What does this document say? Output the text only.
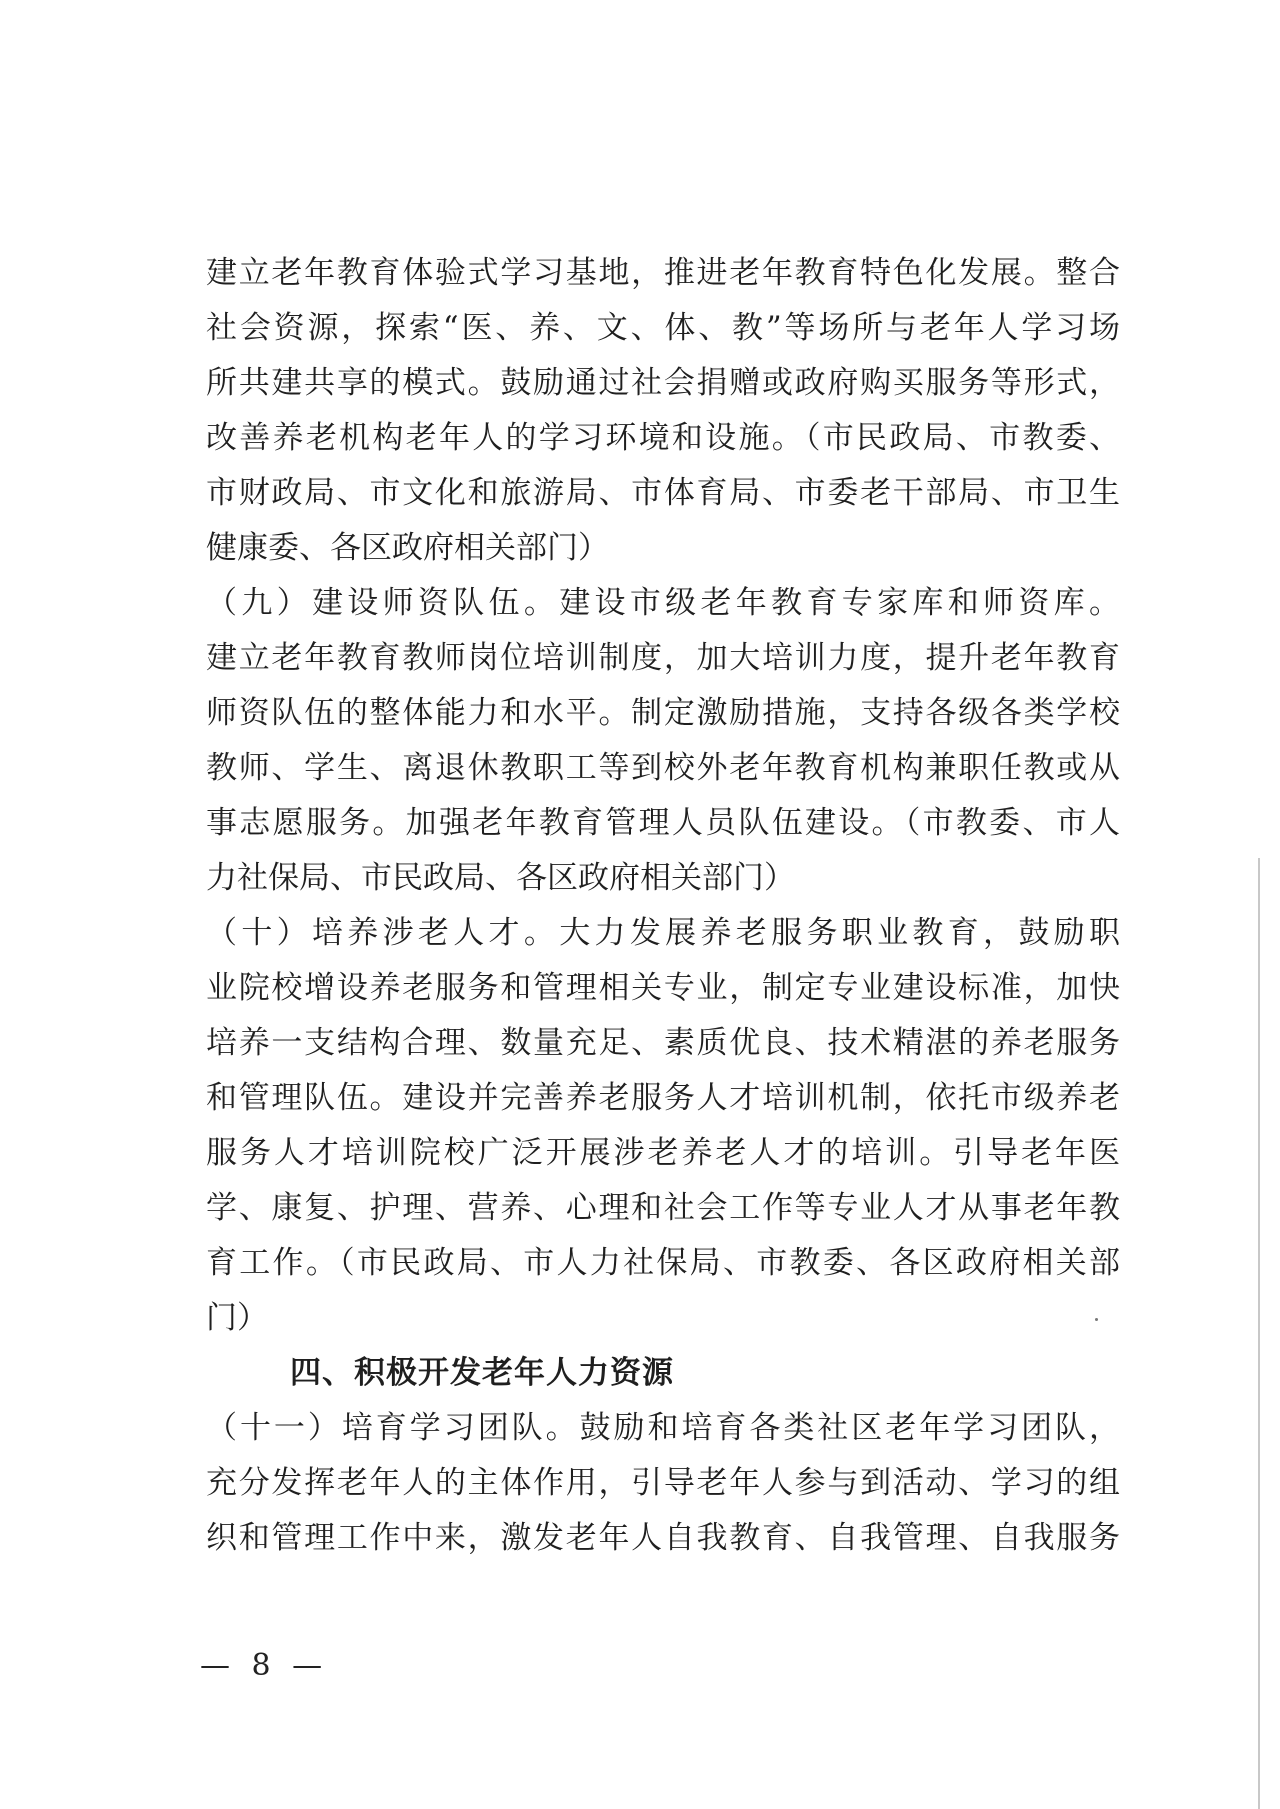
建立老年教育体验式学习基地，推进老年教育特色化发展。整合
社会资源，探索“医、养、文、体、教”等场所与老年人学习场
所共建共享的模式。鼓励通过社会捐赠或政府购买服务等形式，
改善养老机构老年人的学习环境和设施。（市民政局、市教委、
市财政局、市文化和旅游局、市体育局、市委老干部局、市卫生
健康委、各区政府相关部门）
（九）建设师资队伍。建设市级老年教育专家库和师资库。
建立老年教育教师岗位培训制度，加大培训力度，提升老年教育
师资队伍的整体能力和水平。制定激励措施，支持各级各类学校
教师、学生、离退休教职工等到校外老年教育机构兼职任教或从
事志愿服务。加强老年教育管理人员队伍建设。（市教委、市人
力社保局、市民政局、各区政府相关部门）
（十）培养涉老人才。大力发展养老服务职业教育，鼓励职
业院校增设养老服务和管理相关专业，制定专业建设标准，加快
培养一支结构合理、数量充足、素质优良、技术精湛的养老服务
和管理队伍。建设并完善养老服务人才培训机制，依托市级养老
服务人才培训院校广泛开展涉老养老人才的培训。引导老年医
学、康复、护理、营养、心理和社会工作等专业人才从事老年教
育工作。（市民政局、市人力社保局、市教委、各区政府相关部
门）
四、积极开发老年人力资源
（十一）培育学习团队。鼓励和培育各类社区老年学习团队，
充分发挥老年人的主体作用，引导老年人参与到活动、学习的组
织和管理工作中来，激发老年人自我教育、自我管理、自我服务
— 8 —
